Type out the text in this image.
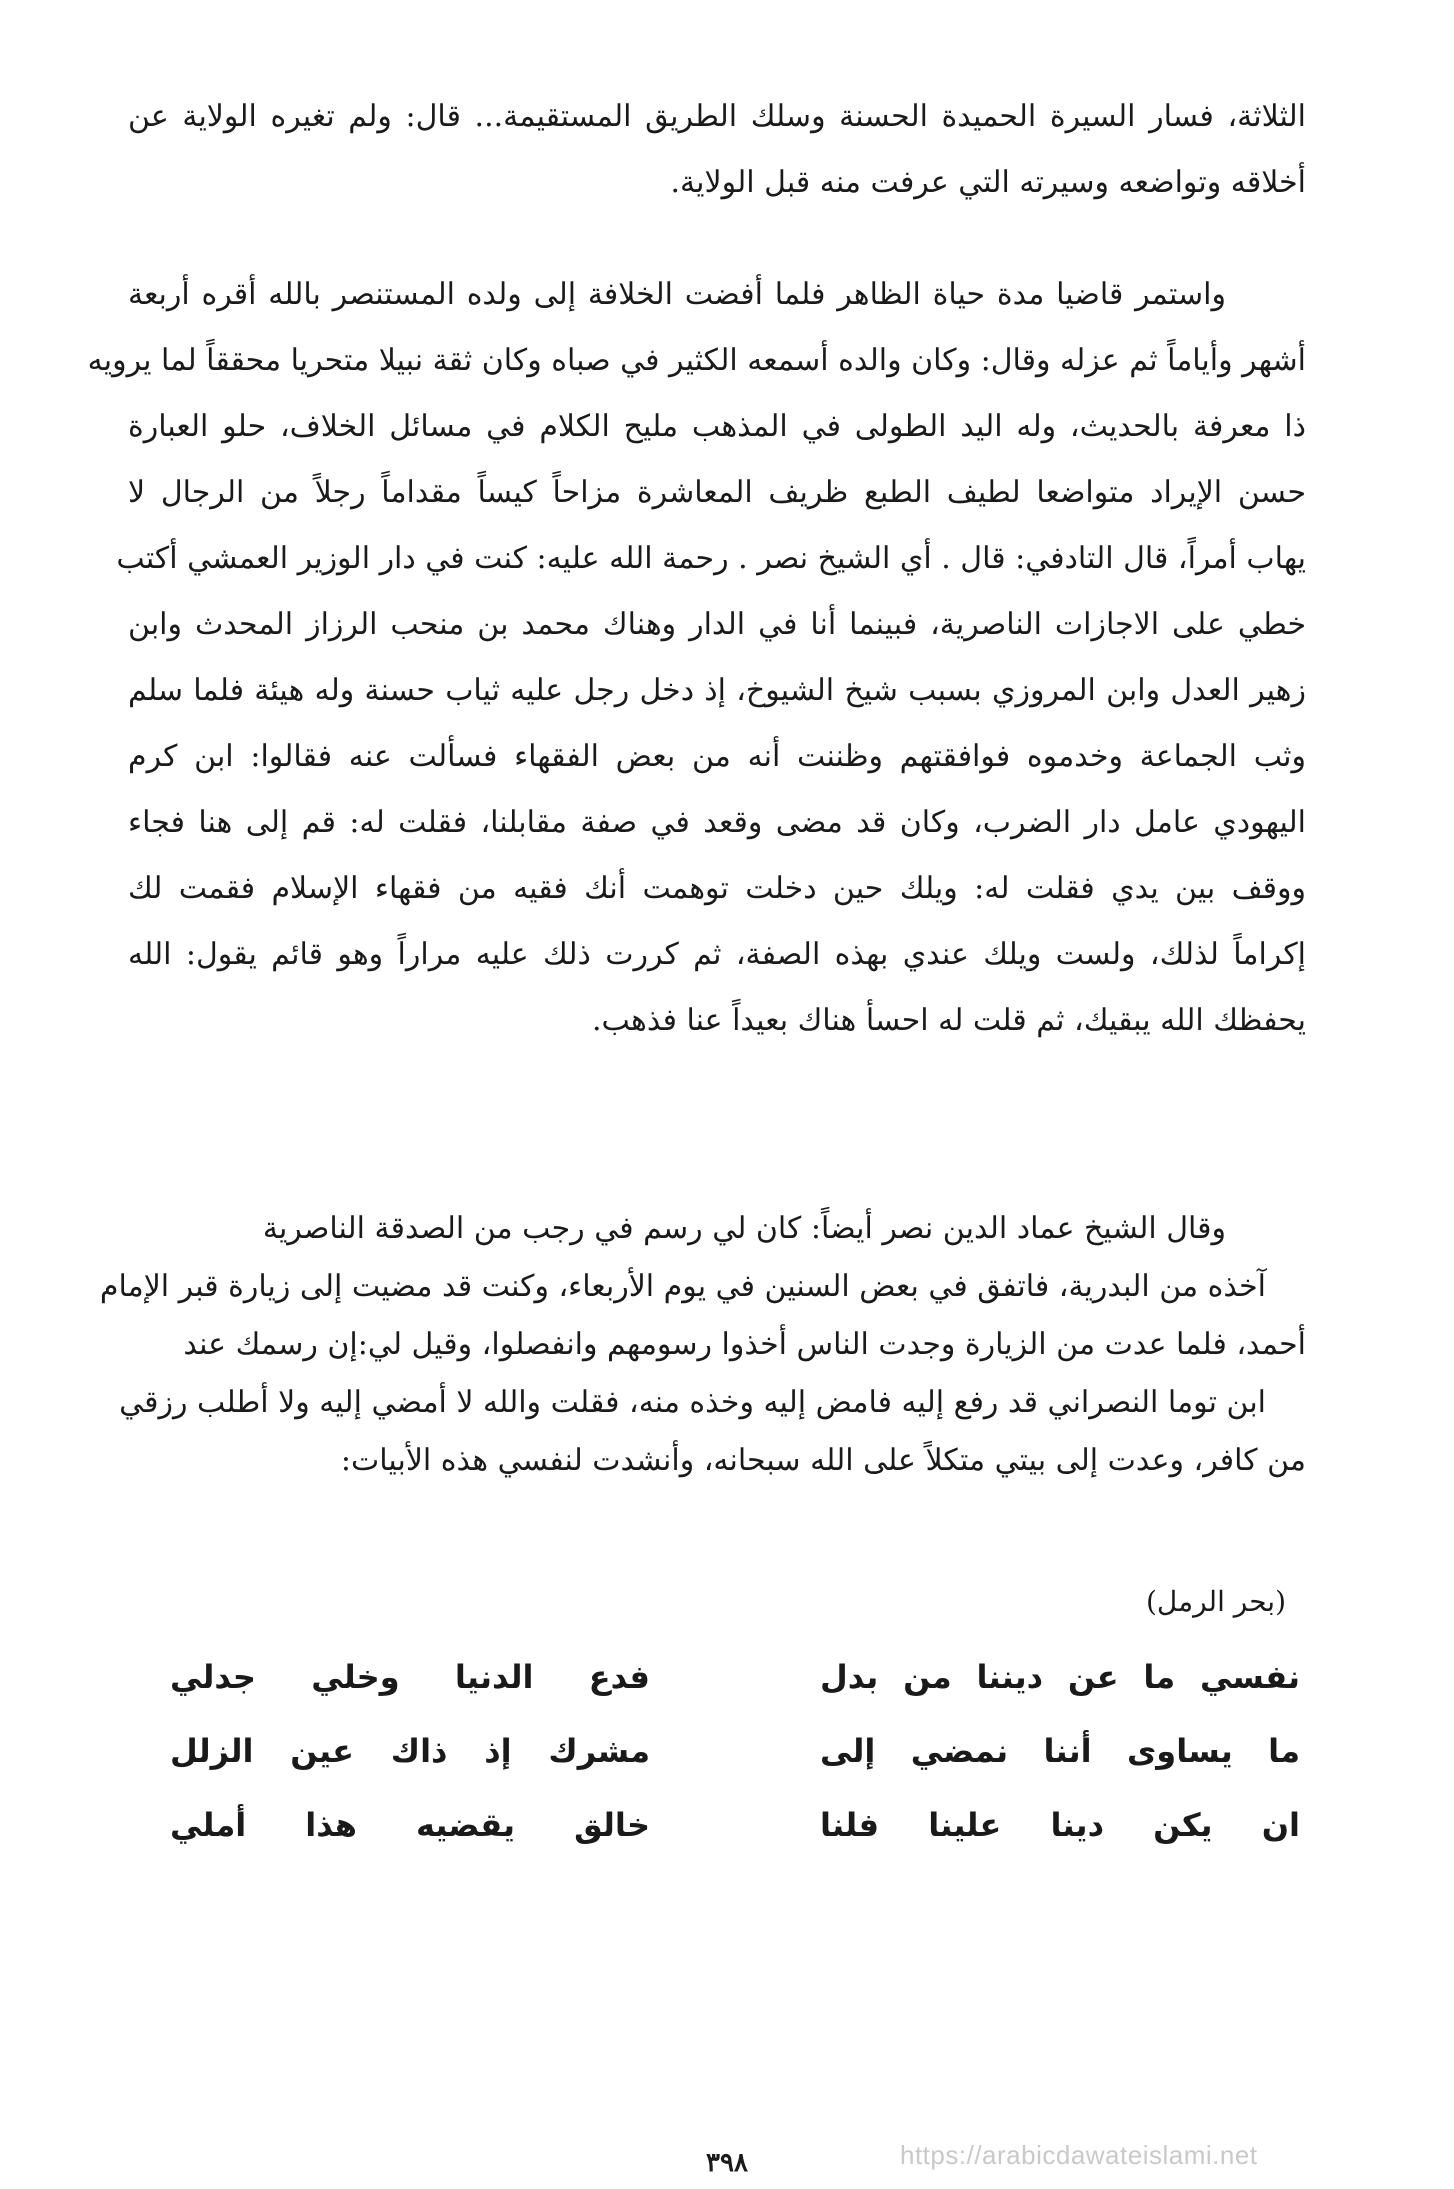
الثلاثة، فسار السيرة الحميدة الحسنة وسلك الطريق المستقيمة... قال: ولم تغيره الولاية عن
أخلاقه وتواضعه وسيرته التي عرفت منه قبل الولاية.

واستمر قاضيا مدة حياة الظاهر فلما أفضت الخلافة إلى ولده المستنصر بالله أقره أربعة
أشهر وأياماً ثم عزله وقال: وكان والده أسمعه الكثير في صباه وكان ثقة نبيلا متحريا محققاً لما يرويه
ذا معرفة بالحديث، وله اليد الطولى في المذهب مليح الكلام في مسائل الخلاف، حلو العبارة
حسن الإيراد متواضعا لطيف الطبع ظريف المعاشرة مزاحاً كيساً مقداماً رجلاً من الرجال لا
يهاب أمراً، قال التادفي: قال . أي الشيخ نصر . رحمة الله عليه: كنت في دار الوزير العمشي أكتب
خطي على الاجازات الناصرية، فبينما أنا في الدار وهناك محمد بن منحب الرزاز المحدث وابن
زهير العدل وابن المروزي بسبب شيخ الشيوخ، إذ دخل رجل عليه ثياب حسنة وله هيئة فلما سلم
وثب الجماعة وخدموه فوافقتهم وظننت أنه من بعض الفقهاء فسألت عنه فقالوا: ابن كرم
اليهودي عامل دار الضرب، وكان قد مضى وقعد في صفة مقابلنا، فقلت له: قم إلى هنا فجاء
ووقف بين يدي فقلت له: ويلك حين دخلت توهمت أنك فقيه من فقهاء الإسلام فقمت لك
إكراماً لذلك، ولست ويلك عندي بهذه الصفة، ثم كررت ذلك عليه مراراً وهو قائم يقول: الله
يحفظك الله يبقيك، ثم قلت له احسأ هناك بعيداً عنا فذهب.

وقال الشيخ عماد الدين نصر أيضاً: كان لي رسم في رجب من الصدقة الناصرية
آخذه من البدرية، فاتفق في بعض السنين في يوم الأربعاء، وكنت قد مضيت إلى زيارة قبر الإمام
أحمد، فلما عدت من الزيارة وجدت الناس أخذوا رسومهم وانفصلوا، وقيل لي:إن رسمك عند
ابن توما النصراني قد رفع إليه فامض إليه وخذه منه، فقلت والله لا أمضي إليه ولا أطلب رزقي
من كافر، وعدت إلى بيتي متكلاً على الله سبحانه، وأنشدت لنفسي هذه الأبيات:

(بحر الرمل)
نفسي ما عن ديننا من بدل
فدع الدنيا وخلي جدلي
ما يساوى أننا نمضي إلى
مشرك إذ ذاك عين الزلل
ان يكن دينا علينا فلنا
خالق يقضيه هذا أملي
٣٩٨	https://arabicdawateislami.net
